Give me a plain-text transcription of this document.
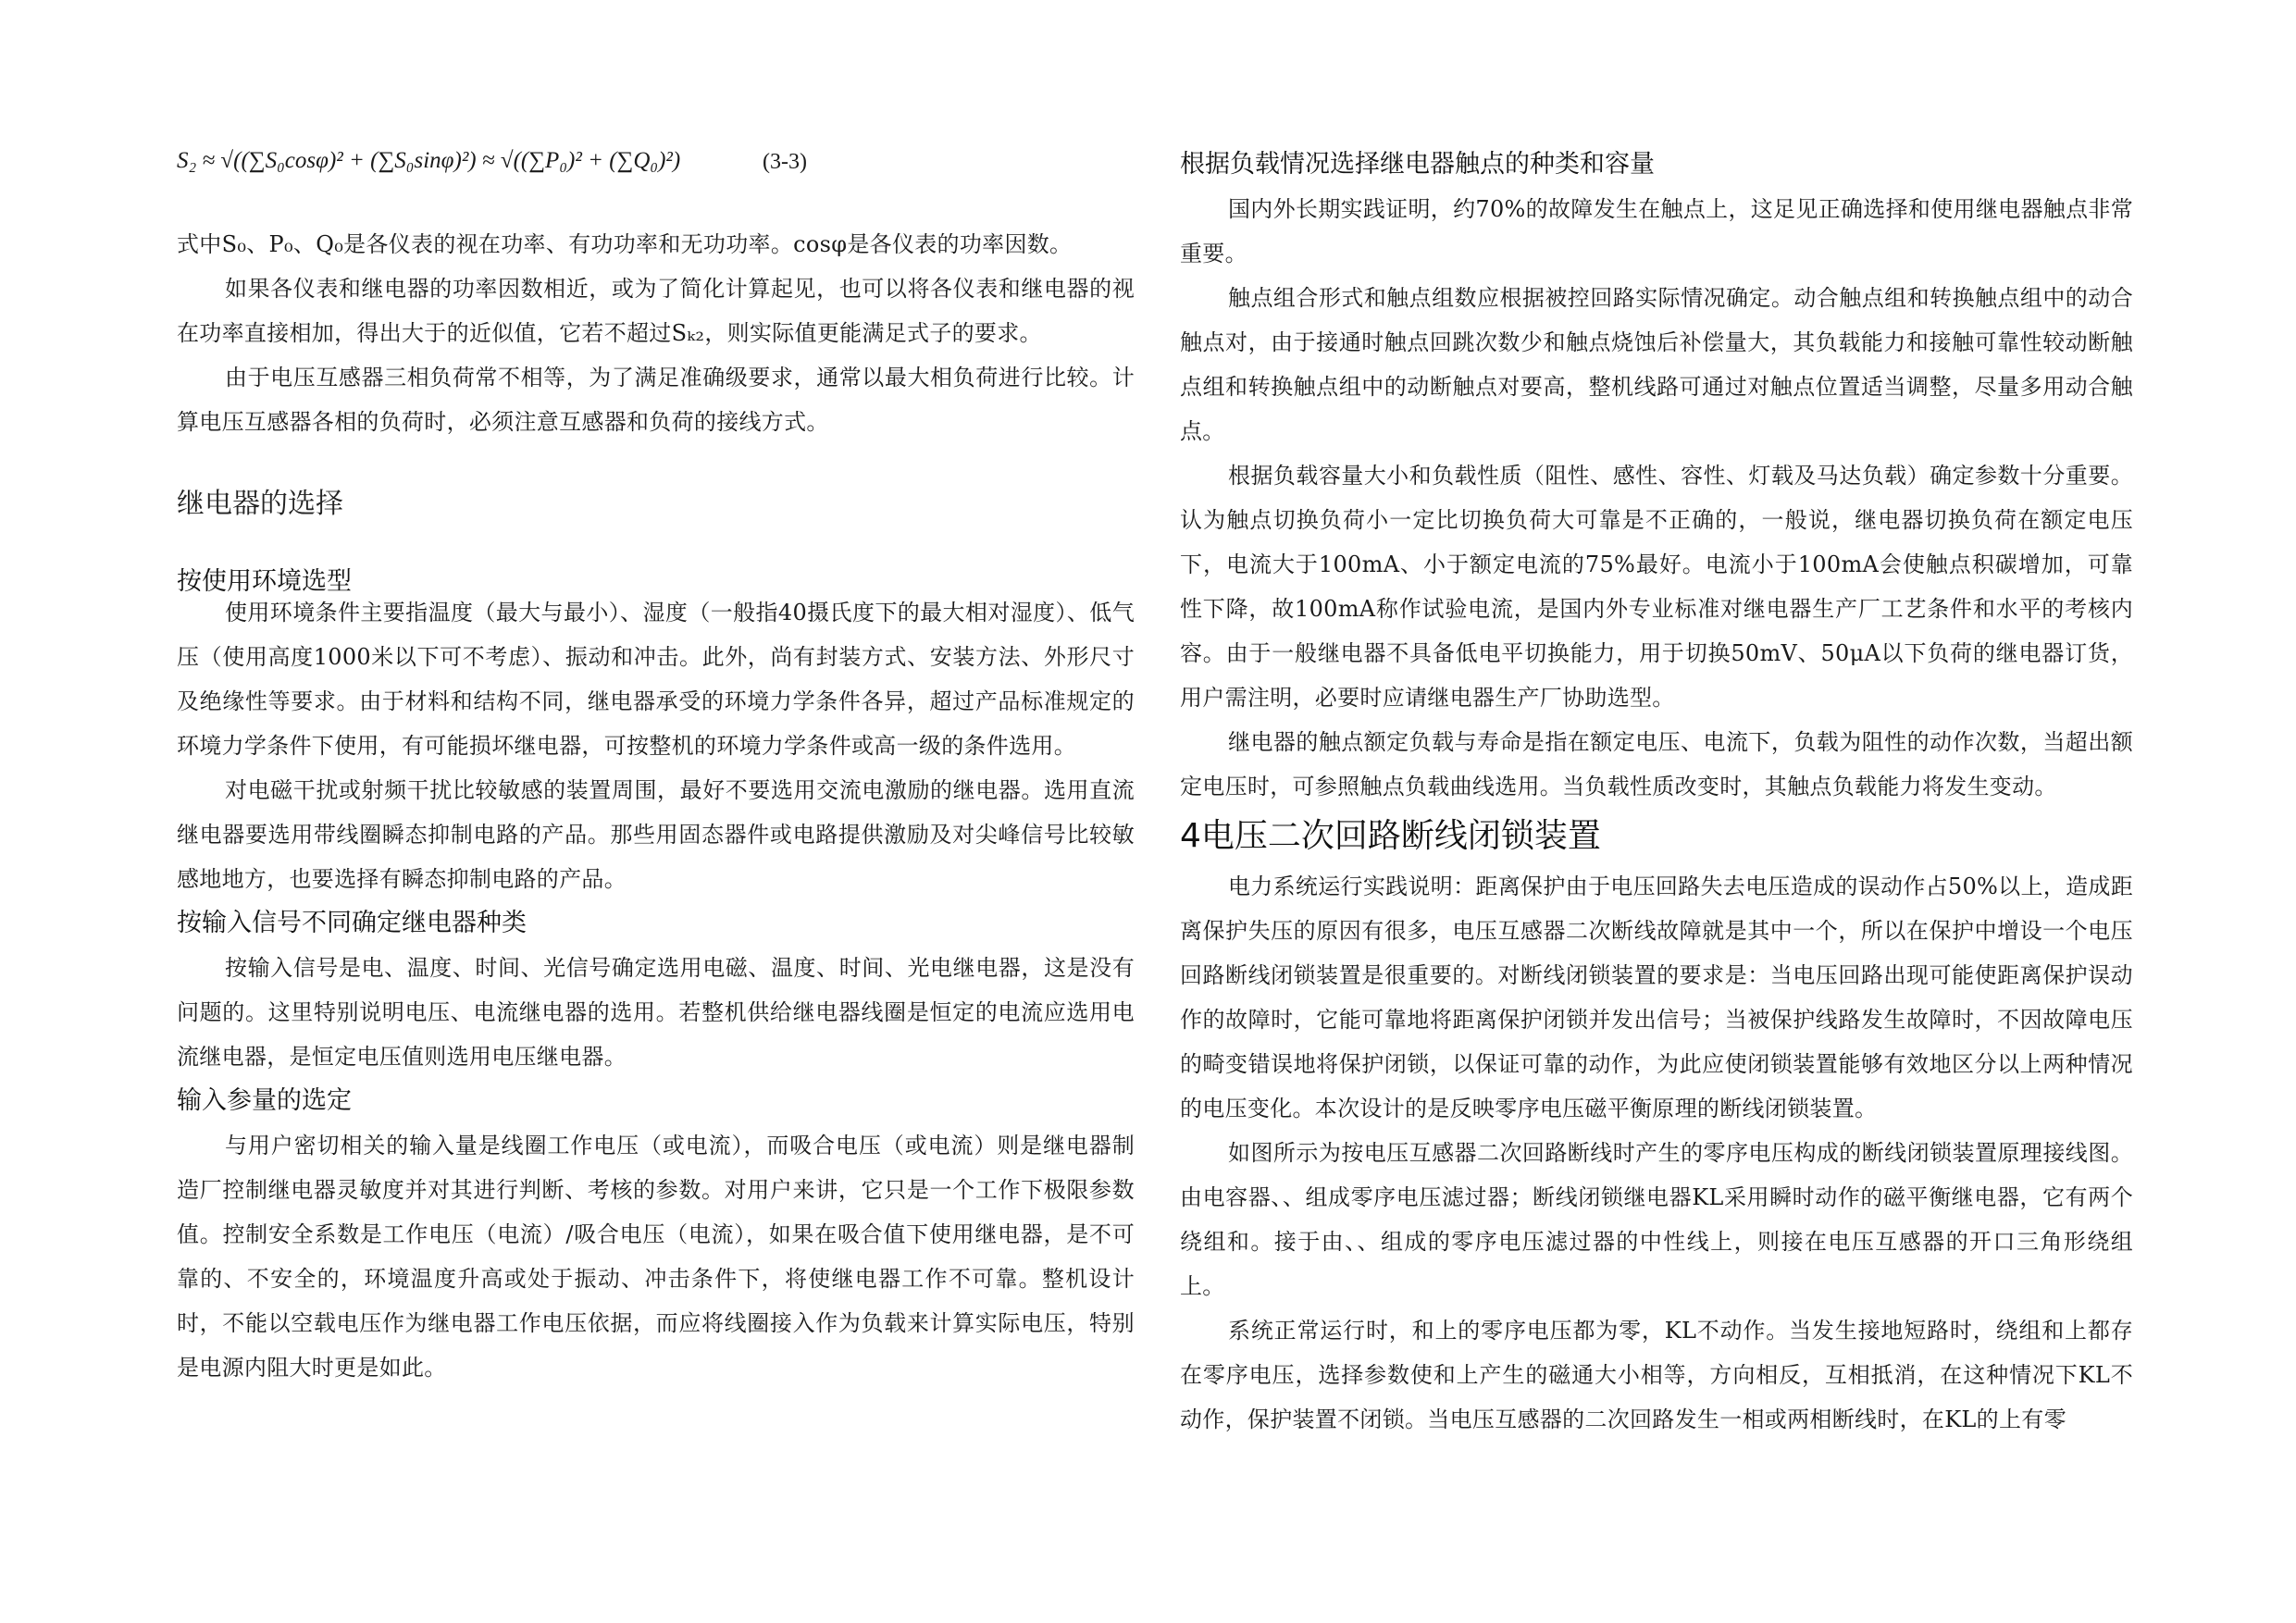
S₂ ≈ √((∑S₀cosφ)² + (∑S₀sinφ)²) ≈ √((∑P₀)² + (∑Q₀)²)	(3-3)

式中S₀、P₀、Q₀是各仪表的视在功率、有功功率和无功功率。cosφ是各仪表的功率因数。

如果各仪表和继电器的功率因数相近，或为了简化计算起见，也可以将各仪表和继电器的视在功率直接相加，得出大于的近似值，它若不超过Sₖ₂，则实际值更能满足式子的要求。

由于电压互感器三相负荷常不相等，为了满足准确级要求，通常以最大相负荷进行比较。计算电压互感器各相的负荷时，必须注意互感器和负荷的接线方式。

继电器的选择
按使用环境选型

使用环境条件主要指温度（最大与最小）、湿度（一般指40摄氏度下的最大相对湿度）、低气压（使用高度1000米以下可不考虑）、振动和冲击。此外，尚有封装方式、安装方法、外形尺寸及绝缘性等要求。由于材料和结构不同，继电器承受的环境力学条件各异，超过产品标准规定的环境力学条件下使用，有可能损坏继电器，可按整机的环境力学条件或高一级的条件选用。

对电磁干扰或射频干扰比较敏感的装置周围，最好不要选用交流电激励的继电器。选用直流继电器要选用带线圈瞬态抑制电路的产品。那些用固态器件或电路提供激励及对尖峰信号比较敏感地地方，也要选择有瞬态抑制电路的产品。

按输入信号不同确定继电器种类

按输入信号是电、温度、时间、光信号确定选用电磁、温度、时间、光电继电器，这是没有问题的。这里特别说明电压、电流继电器的选用。若整机供给继电器线圈是恒定的电流应选用电流继电器，是恒定电压值则选用电压继电器。

输入参量的选定

与用户密切相关的输入量是线圈工作电压（或电流），而吸合电压（或电流）则是继电器制造厂控制继电器灵敏度并对其进行判断、考核的参数。对用户来讲，它只是一个工作下极限参数值。控制安全系数是工作电压（电流）/吸合电压（电流），如果在吸合值下使用继电器，是不可靠的、不安全的，环境温度升高或处于振动、冲击条件下，将使继电器工作不可靠。整机设计时，不能以空载电压作为继电器工作电压依据，而应将线圈接入作为负载来计算实际电压，特别是电源内阻大时更是如此。

根据负载情况选择继电器触点的种类和容量

国内外长期实践证明，约70%的故障发生在触点上，这足见正确选择和使用继电器触点非常重要。

触点组合形式和触点组数应根据被控回路实际情况确定。动合触点组和转换触点组中的动合触点对，由于接通时触点回跳次数少和触点烧蚀后补偿量大，其负载能力和接触可靠性较动断触点组和转换触点组中的动断触点对要高，整机线路可通过对触点位置适当调整，尽量多用动合触点。

根据负载容量大小和负载性质（阻性、感性、容性、灯载及马达负载）确定参数十分重要。认为触点切换负荷小一定比切换负荷大可靠是不正确的，一般说，继电器切换负荷在额定电压下，电流大于100mA、小于额定电流的75%最好。电流小于100mA会使触点积碳增加，可靠性下降，故100mA称作试验电流，是国内外专业标准对继电器生产厂工艺条件和水平的考核内容。由于一般继电器不具备低电平切换能力，用于切换50mV、50μA以下负荷的继电器订货，用户需注明，必要时应请继电器生产厂协助选型。

继电器的触点额定负载与寿命是指在额定电压、电流下，负载为阻性的动作次数，当超出额定电压时，可参照触点负载曲线选用。当负载性质改变时，其触点负载能力将发生变动。

4电压二次回路断线闭锁装置

电力系统运行实践说明：距离保护由于电压回路失去电压造成的误动作占50%以上，造成距离保护失压的原因有很多，电压互感器二次断线故障就是其中一个，所以在保护中增设一个电压回路断线闭锁装置是很重要的。对断线闭锁装置的要求是：当电压回路出现可能使距离保护误动作的故障时，它能可靠地将距离保护闭锁并发出信号；当被保护线路发生故障时，不因故障电压的畸变错误地将保护闭锁，以保证可靠的动作，为此应使闭锁装置能够有效地区分以上两种情况的电压变化。本次设计的是反映零序电压磁平衡原理的断线闭锁装置。

如图所示为按电压互感器二次回路断线时产生的零序电压构成的断线闭锁装置原理接线图。由电容器、、组成零序电压滤过器；断线闭锁继电器KL采用瞬时动作的磁平衡继电器，它有两个绕组和。接于由、、组成的零序电压滤过器的中性线上，则接在电压互感器的开口三角形绕组上。

系统正常运行时，和上的零序电压都为零，KL不动作。当发生接地短路时，绕组和上都存在零序电压，选择参数使和上产生的磁通大小相等，方向相反，互相抵消，在这种情况下KL不动作，保护装置不闭锁。当电压互感器的二次回路发生一相或两相断线时，在KL的上有零
